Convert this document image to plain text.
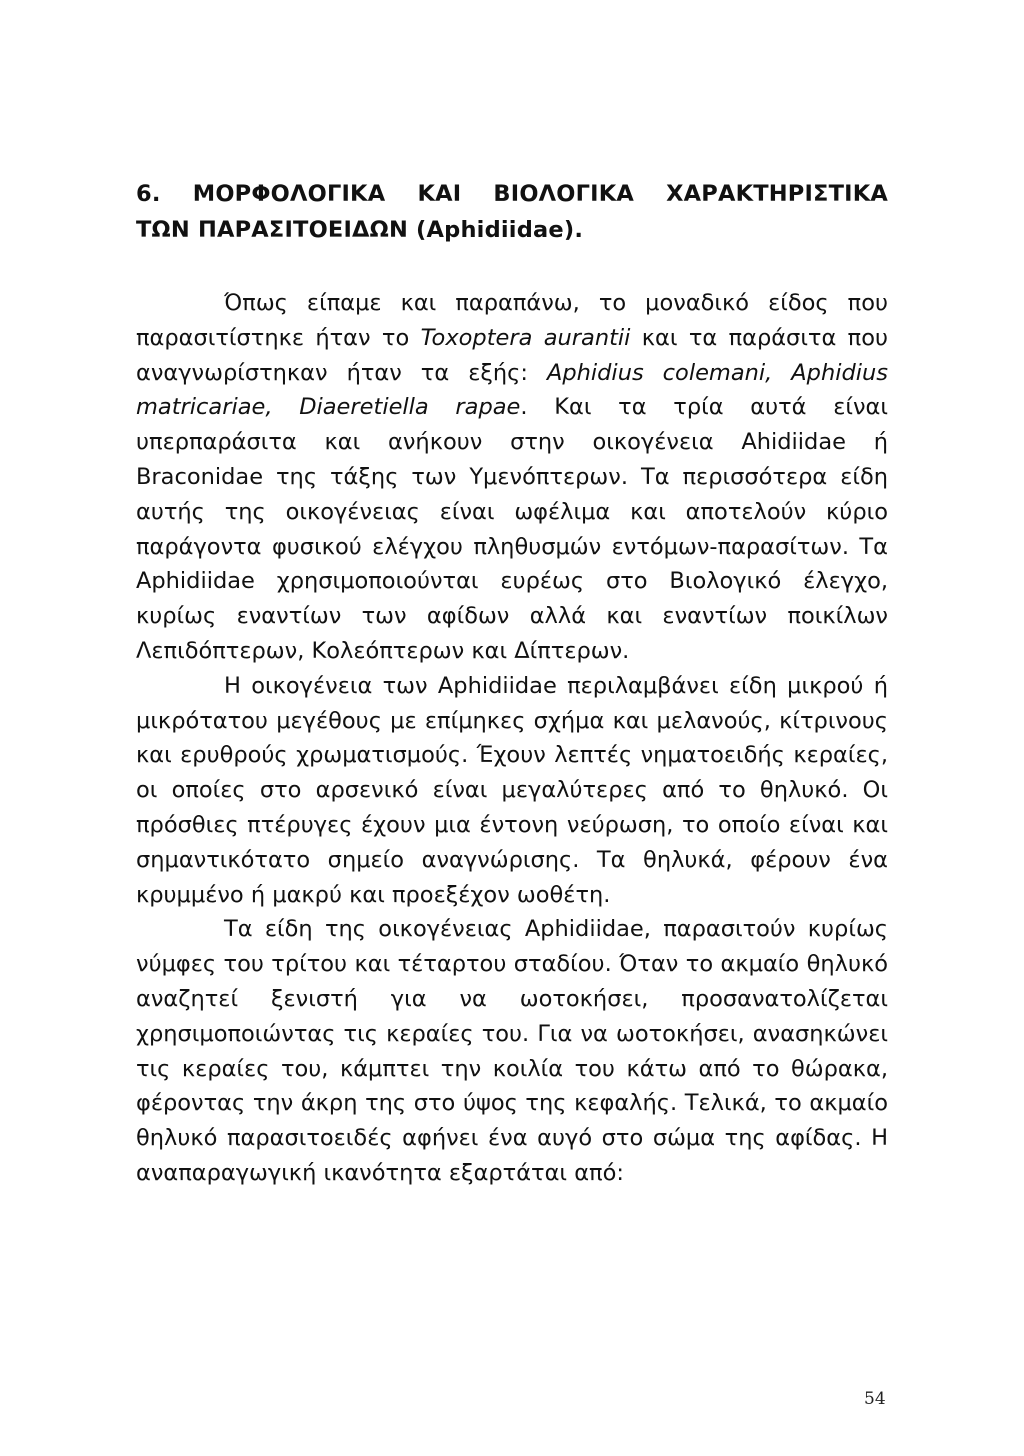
6. ΜΟΡΦΟΛΟΓΙΚΑ ΚΑΙ ΒΙΟΛΟΓΙΚΑ ΧΑΡΑΚΤΗΡΙΣΤΙΚΑ
ΤΩΝ ΠΑΡΑΣΙΤΟΕΙΔΩΝ (Aphidiidae).

Όπως είπαμε και παραπάνω, το μοναδικό είδος που παρασιτίστηκε ήταν το Toxoptera aurantii και τα παράσιτα που αναγνωρίστηκαν ήταν τα εξής: Aphidius colemani, Aphidius matricariae, Diaeretiella rapae. Και τα τρία αυτά είναι υπερπαράσιτα και ανήκουν στην οικογένεια Ahidiidae ή Braconidae της τάξης των Υμενόπτερων. Τα περισσότερα είδη αυτής της οικογένειας είναι ωφέλιμα και αποτελούν κύριο παράγοντα φυσικού ελέγχου πληθυσμών εντόμων-παρασίτων. Τα Aphidiidae χρησιμοποιούνται ευρέως στο Βιολογικό έλεγχο, κυρίως εναντίων των αφίδων αλλά και εναντίων ποικίλων Λεπιδόπτερων, Κολεόπτερων και Δίπτερων.

Η οικογένεια των Aphidiidae περιλαμβάνει είδη μικρού ή μικρότατου μεγέθους με επίμηκες σχήμα και μελανούς, κίτρινους και ερυθρούς χρωματισμούς. Έχουν λεπτές νηματοειδής κεραίες, οι οποίες στο αρσενικό είναι μεγαλύτερες από το θηλυκό. Οι πρόσθιες πτέρυγες έχουν μια έντονη νεύρωση, το οποίο είναι και σημαντικότατο σημείο αναγνώρισης. Τα θηλυκά, φέρουν ένα κρυμμένο ή μακρύ και προεξέχον ωοθέτη.

Τα είδη της οικογένειας Aphidiidae, παρασιτούν κυρίως νύμφες του τρίτου και τέταρτου σταδίου. Όταν το ακμαίο θηλυκό αναζητεί ξενιστή για να ωοτοκήσει, προσανατολίζεται χρησιμοποιώντας τις κεραίες του. Για να ωοτοκήσει, ανασηκώνει τις κεραίες του, κάμπτει την κοιλία του κάτω από το θώρακα, φέροντας την άκρη της στο ύψος της κεφαλής. Τελικά, το ακμαίο θηλυκό παρασιτοειδές αφήνει ένα αυγό στο σώμα της αφίδας. Η αναπαραγωγική ικανότητα εξαρτάται από:

54
